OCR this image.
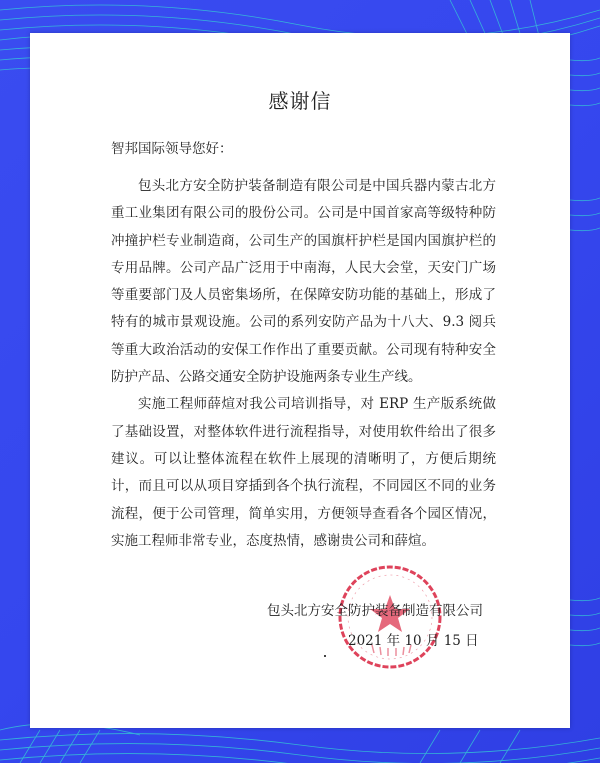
感谢信
智邦国际领导您好：

包头北方安全防护装备制造有限公司是中国兵器内蒙古北方重工业集团有限公司的股份公司。公司是中国首家高等级特种防冲撞护栏专业制造商，公司生产的国旗杆护栏是国内国旗护栏的专用品牌。公司产品广泛用于中南海，人民大会堂，天安门广场等重要部门及人员密集场所，在保障安防功能的基础上，形成了特有的城市景观设施。公司的系列安防产品为十八大、9.3 阅兵等重大政治活动的安保工作作出了重要贡献。公司现有特种安全防护产品、公路交通安全防护设施两条专业生产线。

实施工程师薛煊对我公司培训指导，对 ERP 生产版系统做了基础设置，对整体软件进行流程指导，对使用软件给出了很多建议。可以让整体流程在软件上展现的清晰明了，方便后期统计，而且可以从项目穿插到各个执行流程，不同园区不同的业务流程，便于公司管理，简单实用，方便领导查看各个园区情况，实施工程师非常专业，态度热情，感谢贵公司和薛煊。

包头北方安全防护装备制造有限公司
2021 年 10 月 15 日
